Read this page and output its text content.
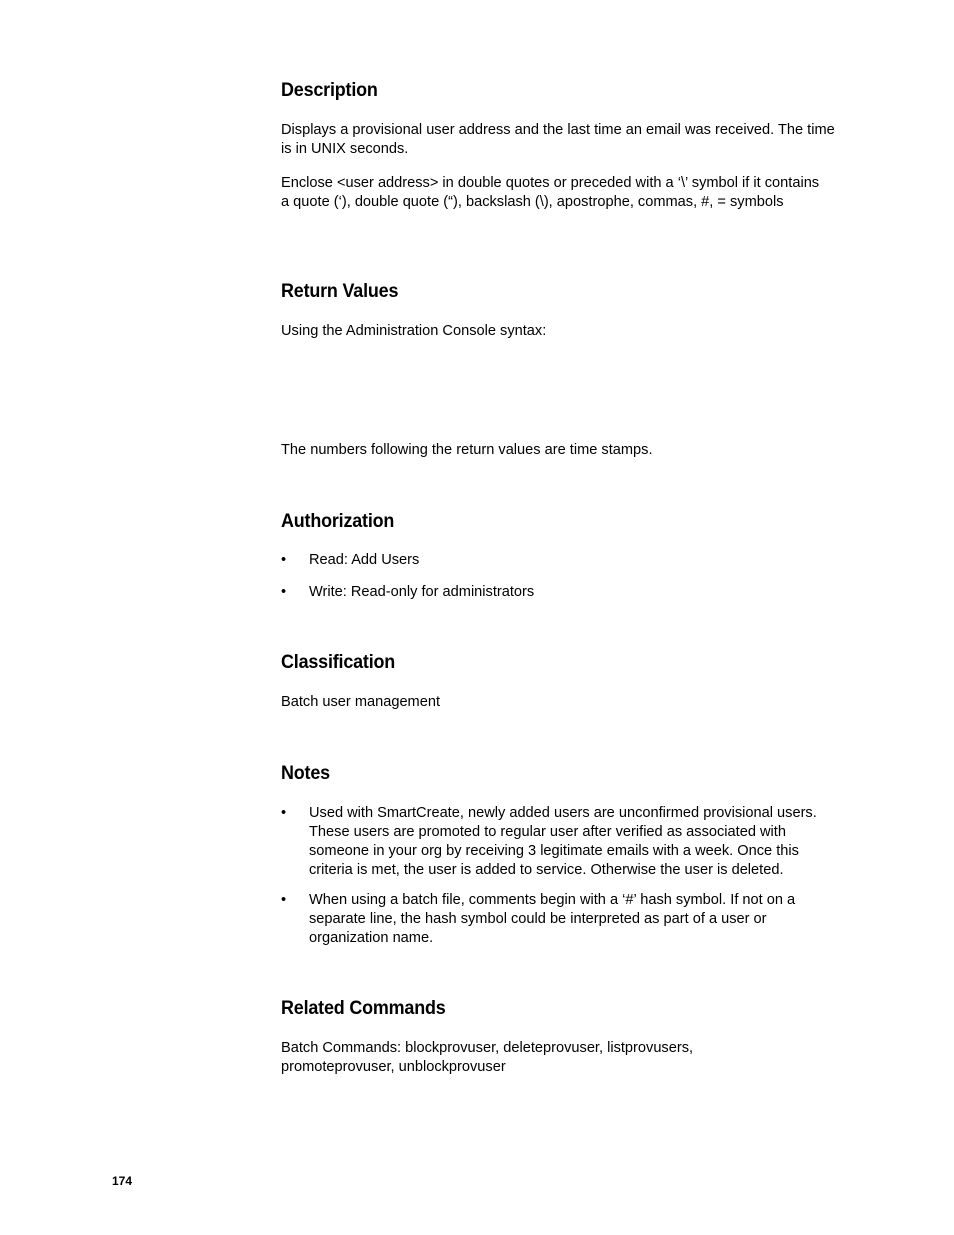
Description

Displays a provisional user address and the last time an email was received. The time is in UNIX seconds.

Enclose <user address> in double quotes or preceded with a ‘\’ symbol if it contains a quote (‘), double quote (“), backslash (\), apostrophe, commas, #, = symbols

Return Values

Using the Administration Console syntax:

The numbers following the return values are time stamps.

Authorization
• Read: Add Users
• Write: Read-only for administrators
Classification

Batch user management

Notes
• Used with SmartCreate, newly added users are unconfirmed provisional users. These users are promoted to regular user after verified as associated with someone in your org by receiving 3 legitimate emails with a week. Once this criteria is met, the user is added to service. Otherwise the user is deleted.
• When using a batch file, comments begin with a ‘#’ hash symbol. If not on a separate line, the hash symbol could be interpreted as part of a user or organization name.
Related Commands

Batch Commands: blockprovuser, deleteprovuser, listprovusers, promoteprovuser, unblockprovuser

174
